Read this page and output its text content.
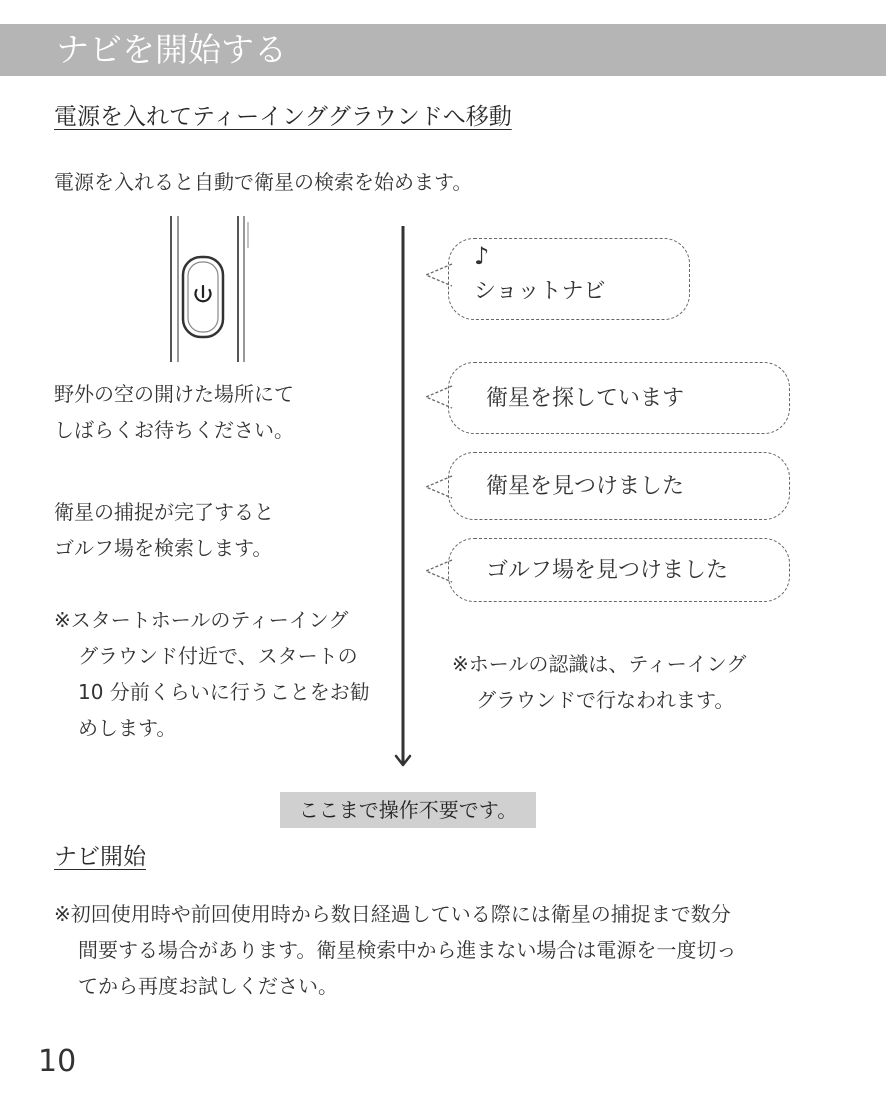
ナビを開始する
電源を入れてティーインググラウンドへ移動
電源を入れると自動で衛星の検索を始めます。
野外の空の開けた場所にて
しばらくお待ちください。
衛星の捕捉が完了すると
ゴルフ場を検索します。
※スタートホールのティーイング
グラウンド付近で、スタートの
10 分前くらいに行うことをお勧
めします。
♪
ショットナビ
衛星を探しています
衛星を見つけました
ゴルフ場を見つけました
※ホールの認識は、ティーイング
グラウンドで行なわれます。
ここまで操作不要です。
ナビ開始
※初回使用時や前回使用時から数日経過している際には衛星の捕捉まで数分
間要する場合があります。衛星検索中から進まない場合は電源を一度切っ
てから再度お試しください。
10
